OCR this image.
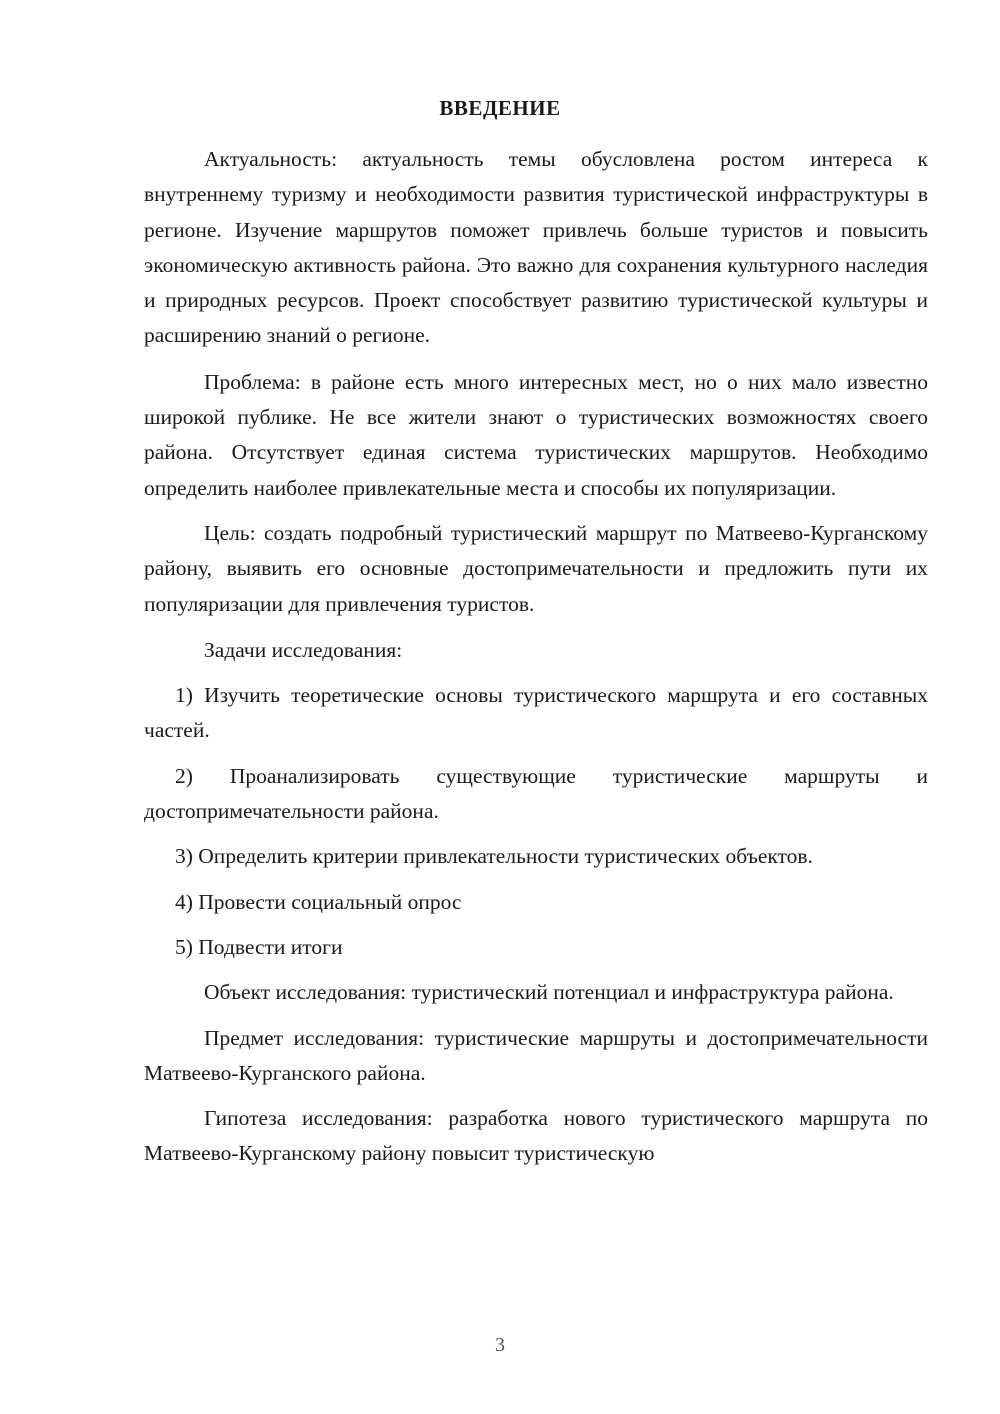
ВВЕДЕНИЕ

Актуальность: актуальность темы обусловлена ростом интереса к внутреннему туризму и необходимости развития туристической инфраструктуры в регионе. Изучение маршрутов поможет привлечь больше туристов и повысить экономическую активность района. Это важно для сохранения культурного наследия и природных ресурсов. Проект способствует развитию туристической культуры и расширению знаний о регионе.

Проблема: в районе есть много интересных мест, но о них мало известно широкой публике. Не все жители знают о туристических возможностях своего района. Отсутствует единая система туристических маршрутов. Необходимо определить наиболее привлекательные места и способы их популяризации.

Цель: создать подробный туристический маршрут по Матвеево-Курганскому району, выявить его основные достопримечательности и предложить пути их популяризации для привлечения туристов.

Задачи исследования:

1) Изучить теоретические основы туристического маршрута и его составных частей.

2) Проанализировать существующие туристические маршруты и достопримечательности района.

3) Определить критерии привлекательности туристических объектов.

4) Провести социальный опрос

5) Подвести итоги

Объект исследования: туристический потенциал и инфраструктура района.

Предмет исследования: туристические маршруты и достопримечательности Матвеево-Курганского района.

Гипотеза исследования: разработка нового туристического маршрута по Матвеево-Курганскому району повысит туристическую

3
